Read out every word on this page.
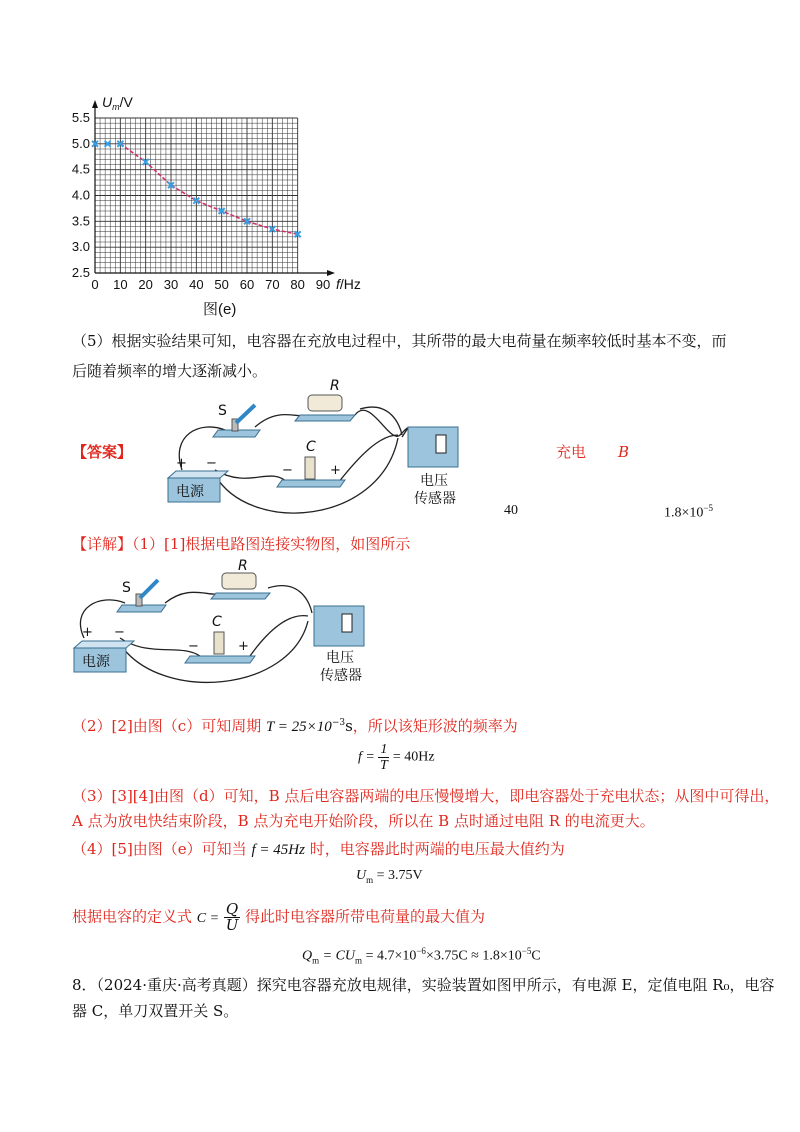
0 10 20 30 40 50 60 70 80 90
2.5
3.0
3.5
4.0
4.5
5.0
5.5
$U_m/V$
f/Hz
图(e)
（5）根据实验结果可知，电容器在充放电过程中，其所带的最大电荷量在频率较低时基本不变，而后随着频率的增大逐渐减小。
【答案】
S
R
C
−	+
电源
+ −
电压
传感器
充电 B
40	$1.8\times 10^{-5}$
【详解】（1）[1]根据电路图连接实物图，如图所示
S
R
C
−	+
电源
+ −
电压
传感器
（2）[2]由图（c）可知周期 $T = 25\times 10^{-3}s$，所以该矩形波的频率为
$f = \frac{1}{T} = 40Hz$
（3）[3][4]由图（d）可知，B 点后电容器两端的电压慢慢增大，即电容器处于充电状态；从图中可得出，
A 点为放电快结束阶段，B 点为充电开始阶段，所以在 B 点时通过电阻 R 的电流更大。
（4）[5]由图（e）可知当 f = 45Hz 时，电容器此时两端的电压最大值约为
$U_m = 3.75V$
根据电容的定义式 $C = \frac{Q}{U}$ 得此时电容器所带电荷量的最大值为
$Q_m = CU_m = 4.7\times 10^{-6}\times 3.75C \approx 1.8\times 10^{-5}C$
8．（2024·重庆·高考真题）探究电容器充放电规律，实验装置如图甲所示，有电源 E，定值电阻 R₀，电容
器 C，单刀双置开关 S。
